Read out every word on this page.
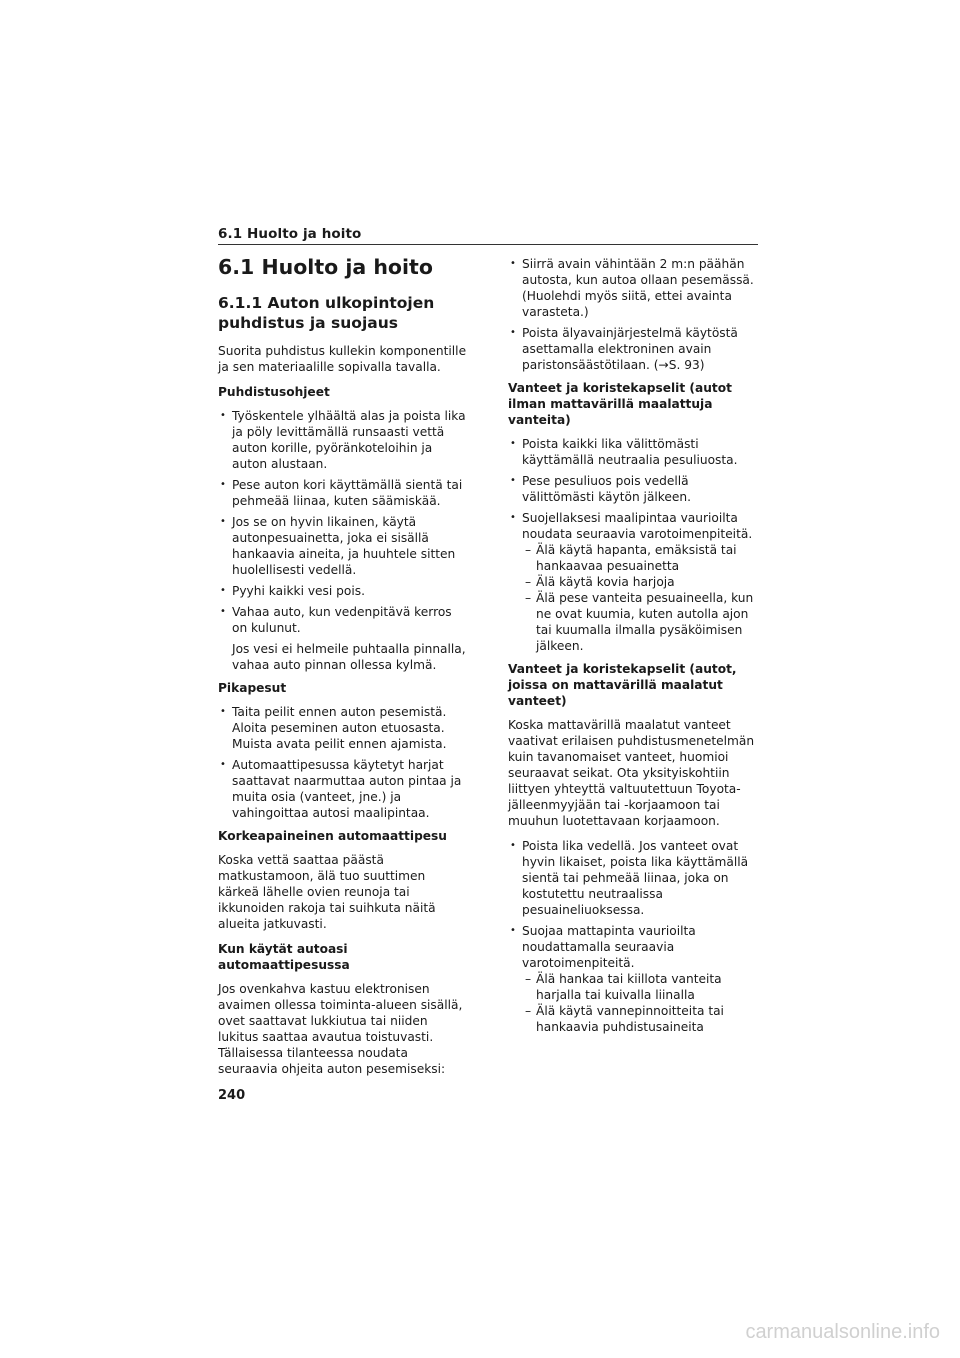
6.1 Huolto ja hoito
6.1 Huolto ja hoito
6.1.1 Auton ulkopintojen puhdistus ja suojaus

Suorita puhdistus kullekin komponentille ja sen materiaalille sopivalla tavalla.

Puhdistusohjeet

• Työskentele ylhäältä alas ja poista lika ja pöly levittämällä runsaasti vettä auton korille, pyöränkoteloihin ja auton alustaan.
• Pese auton kori käyttämällä sientä tai pehmeää liinaa, kuten säämiskää.
• Jos se on hyvin likainen, käytä autonpesuainetta, joka ei sisällä hankaavia aineita, ja huuhtele sitten huolellisesti vedellä.
• Pyyhi kaikki vesi pois.
• Vahaa auto, kun vedenpitävä kerros on kulunut.
Jos vesi ei helmeile puhtaalla pinnalla, vahaa auto pinnan ollessa kylmä.

Pikapesut

• Taita peilit ennen auton pesemistä. Aloita peseminen auton etuosasta. Muista avata peilit ennen ajamista.
• Automaattipesussa käytetyt harjat saattavat naarmuttaa auton pintaa ja muita osia (vanteet, jne.) ja vahingoittaa autosi maalipintaa.

Korkeapaineinen automaattipesu

Koska vettä saattaa päästä matkustamoon, älä tuo suuttimen kärkeä lähelle ovien reunoja tai ikkunoiden rakoja tai suihkuta näitä alueita jatkuvasti.

Kun käytät autoasi automaattipesussa

Jos ovenkahva kastuu elektronisen avaimen ollessa toiminta-alueen sisällä, ovet saattavat lukkiutua tai niiden lukitus saattaa avautua toistuvasti. Tällaisessa tilanteessa noudata seuraavia ohjeita auton pesemiseksi:

• Siirrä avain vähintään 2 m:n päähän autosta, kun autoa ollaan pesemässä. (Huolehdi myös siitä, ettei avainta varasteta.)
• Poista älyavainjärjestelmä käytöstä asettamalla elektroninen avain paristonsäästötilaan. (→S. 93)

Vanteet ja koristekapselit (autot ilman mattavärillä maalattuja vanteita)

• Poista kaikki lika välittömästi käyttämällä neutraalia pesuliuosta.
• Pese pesuliuos pois vedellä välittömästi käytön jälkeen.
• Suojellaksesi maalipintaa vaurioilta noudata seuraavia varotoimenpiteitä.
– Älä käytä hapanta, emäksistä tai hankaavaa pesuainetta
– Älä käytä kovia harjoja
– Älä pese vanteita pesuaineella, kun ne ovat kuumia, kuten autolla ajon tai kuumalla ilmalla pysäköimisen jälkeen.

Vanteet ja koristekapselit (autot, joissa on mattavärillä maalatut vanteet)

Koska mattavärillä maalatut vanteet vaativat erilaisen puhdistusmenetelmän kuin tavanomaiset vanteet, huomioi seuraavat seikat. Ota yksityiskohtiin liittyen yhteyttä valtuutettuun Toyota-jälleenmyyjään tai -korjaamoon tai muuhun luotettavaan korjaamoon.

• Poista lika vedellä. Jos vanteet ovat hyvin likaiset, poista lika käyttämällä sientä tai pehmeää liinaa, joka on kostutettu neutraalissa pesuaineliuoksessa.
• Suojaa mattapinta vaurioilta noudattamalla seuraavia varotoimenpiteitä.
– Älä hankaa tai kiillota vanteita harjalla tai kuivalla liinalla
– Älä käytä vannepinnoitteita tai hankaavia puhdistusaineita
240
carmanualsonline.info
